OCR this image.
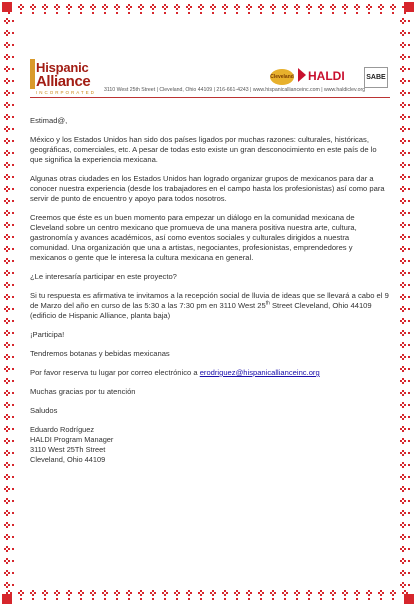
Hispanic
Alliance
INCORPORATED 3110 West 25th Street | Cleveland, Ohio 44109 | 216-661-4243 | www.hispanicallianceinc.com | www.haldiclev.org
Cleveland HALDI	SABE

Estimad@,

México y los Estados Unidos han sido dos países ligados por muchas razones: culturales, históricas, geográficas, comerciales, etc. A pesar de todas esto existe un gran desconocimiento en este país de lo que significa la experiencia mexicana.

Algunas otras ciudades en los Estados Unidos han logrado organizar grupos de mexicanos para dar a conocer nuestra experiencia (desde los trabajadores en el campo hasta los profesionistas) así como para servir de punto de encuentro y apoyo para todos nosotros.

Creemos que éste es un buen momento para empezar un diálogo en la comunidad mexicana de Cleveland sobre un centro mexicano que promueva de una manera positiva nuestra arte, cultura, gastronomía y avances académicos, así como eventos sociales y culturales dirigidos a nuestra comunidad. Una organización que una a artistas, negociantes, profesionistas, emprendedores y mexicanos o gente que le interesa la cultura mexicana en general.

¿Le interesaría participar en este proyecto?

Si tu respuesta es afirmativa te invitamos a la recepción social de lluvia de ideas que se llevará a cabo el 9 de Marzo del año en curso de las 5:30 a las 7:30 pm en 3110 West 25th Street Cleveland, Ohio 44109 (edificio de Hispanic Alliance, planta baja)

¡Participa!

Tendremos botanas y bebidas mexicanas

Por favor reserva tu lugar por correo electrónico a erodriguez@hispanicallianceinc.org

Muchas gracias por tu atención

Saludos

Eduardo Rodríguez
HALDI Program Manager
3110 West 25Th Street
Cleveland, Ohio 44109
